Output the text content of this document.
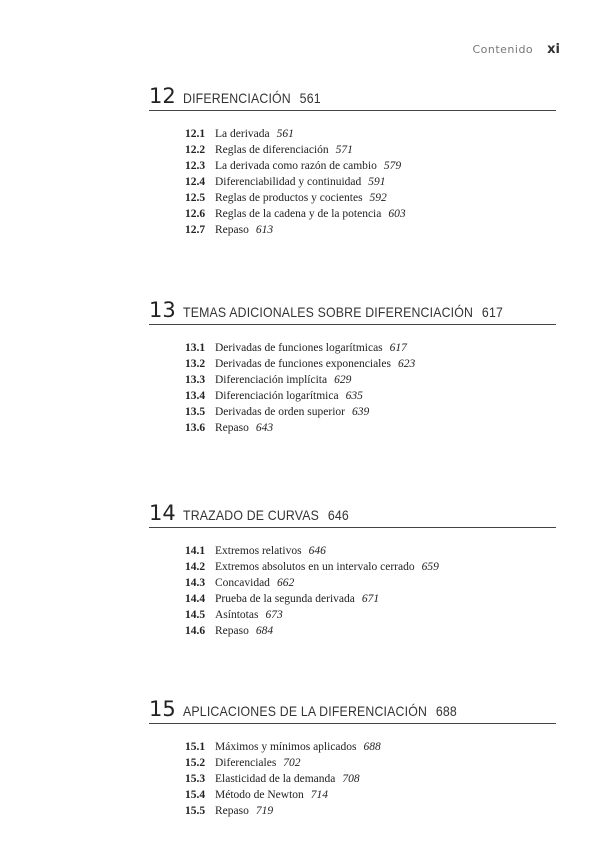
Contenido xi
12 DIFERENCIACIÓN 561
12.1 La derivada 561
12.2 Reglas de diferenciación 571
12.3 La derivada como razón de cambio 579
12.4 Diferenciabilidad y continuidad 591
12.5 Reglas de productos y cocientes 592
12.6 Reglas de la cadena y de la potencia 603
12.7 Repaso 613
13 TEMAS ADICIONALES SOBRE DIFERENCIACIÓN 617
13.1 Derivadas de funciones logarítmicas 617
13.2 Derivadas de funciones exponenciales 623
13.3 Diferenciación implícita 629
13.4 Diferenciación logarítmica 635
13.5 Derivadas de orden superior 639
13.6 Repaso 643
14 TRAZADO DE CURVAS 646
14.1 Extremos relativos 646
14.2 Extremos absolutos en un intervalo cerrado 659
14.3 Concavidad 662
14.4 Prueba de la segunda derivada 671
14.5 Asíntotas 673
14.6 Repaso 684
15 APLICACIONES DE LA DIFERENCIACIÓN 688
15.1 Máximos y mínimos aplicados 688
15.2 Diferenciales 702
15.3 Elasticidad de la demanda 708
15.4 Método de Newton 714
15.5 Repaso 719
